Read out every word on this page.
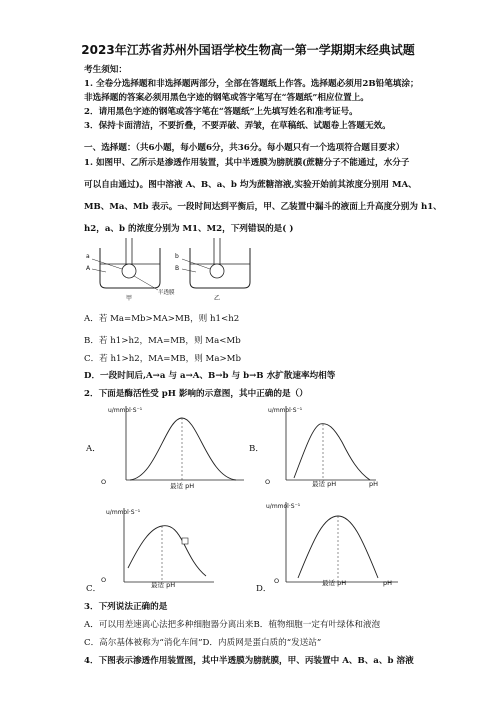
2023年江苏省苏州外国语学校生物高一第一学期期末经典试题
考生须知：
1. 全卷分选择题和非选择题两部分，全部在答题纸上作答。选择题必须用2B铅笔填涂；
非选择题的答案必须用黑色字迹的钢笔或答字笔写在“答题纸”相应位置上。
2．请用黑色字迹的钢笔或答字笔在“答题纸”上先填写姓名和准考证号。
3．保持卡面清洁，不要折叠，不要弄破、弄皱，在草稿纸、试题卷上答题无效。
一、选择题：（共6小题，每小题6分，共36分。每小题只有一个选项符合题目要求）
1. 如图甲、乙所示是渗透作用装置，其中半透膜为膀胱膜(蔗糖分子不能通过，水分子
可以自由通过)。图中溶液 A、B、a、b 均为蔗糖溶液,实验开始前其浓度分别用 MA、
MB、Ma、Mb 表示。一段时间达到平衡后，甲、乙装置中漏斗的液面上升高度分别为 h1、
h2，a、b 的浓度分别为 M1、M2，下列错误的是( )
a
A
甲
半透膜
b
B
乙
A．若 Ma=Mb>MA>MB，则 h1<h2
B．若 h1>h2，MA=MB，则 Ma<Mb
C．若 h1>h2，MA=MB，则 Ma>Mb
D．一段时间后,A→a 与 a→A、B→b 与 b→B 水扩散速率均相等
2．下面是酶活性受 pH 影响的示意图，其中正确的是（）
A．
u/mmol·S⁻¹
O	最适 pH
B．
u/mmol·S⁻¹
O	最适 pH	pH
u/mmol·S⁻¹
O
最适 pH
C．
u/mmol·S⁻¹
O	最适 pH	pH
D．
3．下列说法正确的是
A．可以用差速离心法把多种细胞器分离出来B．植物细胞一定有叶绿体和液泡
C．高尔基体被称为“消化车间”D．内质网是蛋白质的“发送站”
4．下图表示渗透作用装置图，其中半透膜为膀胱膜，甲、丙装置中 A、B、a、b 溶液
